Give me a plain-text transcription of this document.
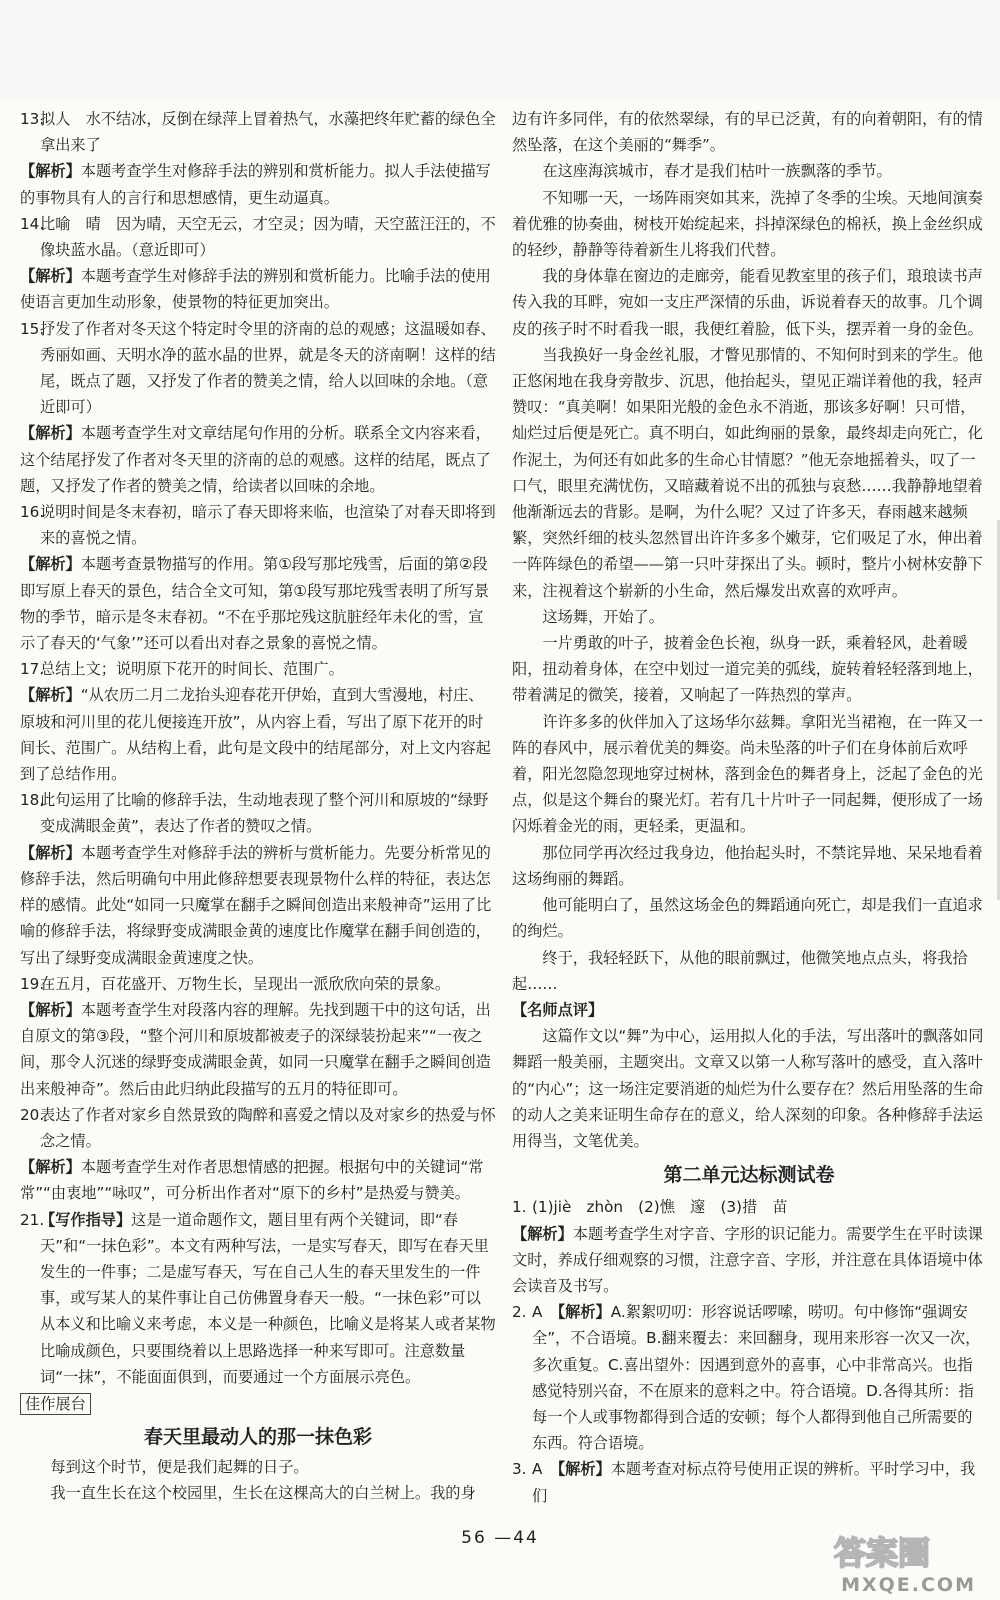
13.拟人　水不结冰，反倒在绿萍上冒着热气，水藻把终年贮蓄的绿色全拿出来了

【解析】本题考查学生对修辞手法的辨别和赏析能力。拟人手法使描写的事物具有人的言行和思想感情，更生动逼真。

14.比喻　晴　因为晴，天空无云，才空灵；因为晴，天空蓝汪汪的，不像块蓝水晶。（意近即可）

【解析】本题考查学生对修辞手法的辨别和赏析能力。比喻手法的使用使语言更加生动形象，使景物的特征更加突出。

15.抒发了作者对冬天这个特定时令里的济南的总的观感；这温暖如春、秀丽如画、天明水净的蓝水晶的世界，就是冬天的济南啊！这样的结尾，既点了题，又抒发了作者的赞美之情，给人以回味的余地。（意近即可）

【解析】本题考查学生对文章结尾句作用的分析。联系全文内容来看，这个结尾抒发了作者对冬天里的济南的总的观感。这样的结尾，既点了题，又抒发了作者的赞美之情，给读者以回味的余地。

16.说明时间是冬末春初，暗示了春天即将来临，也渲染了对春天即将到来的喜悦之情。

【解析】本题考查景物描写的作用。第①段写那坨残雪，后面的第②段即写原上春天的景色，结合全文可知，第①段写那坨残雪表明了所写景物的季节，暗示是冬末春初。“不在乎那坨残这肮脏经年未化的雪，宣示了春天的‘气象’”还可以看出对春之景象的喜悦之情。

17.总结上文；说明原下花开的时间长、范围广。

【解析】“从农历二月二龙抬头迎春花开伊始，直到大雪漫地，村庄、原坡和河川里的花儿便接连开放”，从内容上看，写出了原下花开的时间长、范围广。从结构上看，此句是文段中的结尾部分，对上文内容起到了总结作用。

18.此句运用了比喻的修辞手法，生动地表现了整个河川和原坡的“绿野变成满眼金黄”，表达了作者的赞叹之情。

【解析】本题考查学生对修辞手法的辨析与赏析能力。先要分析常见的修辞手法，然后明确句中用此修辞想要表现景物什么样的特征，表达怎样的感情。此处“如同一只魔掌在翻手之瞬间创造出来般神奇”运用了比喻的修辞手法，将绿野变成满眼金黄的速度比作魔掌在翻手间创造的，写出了绿野变成满眼金黄速度之快。

19.在五月，百花盛开、万物生长，呈现出一派欣欣向荣的景象。

【解析】本题考查学生对段落内容的理解。先找到题干中的这句话，出自原文的第③段，“整个河川和原坡都被麦子的深绿装扮起来”“一夜之间，那令人沉迷的绿野变成满眼金黄，如同一只魔掌在翻手之瞬间创造出来般神奇”。然后由此归纳此段描写的五月的特征即可。

20.表达了作者对家乡自然景致的陶醉和喜爱之情以及对家乡的热爱与怀念之情。

【解析】本题考查学生对作者思想情感的把握。根据句中的关键词“常常”“由衷地”“咏叹”，可分析出作者对“原下的乡村”是热爱与赞美。

21.【写作指导】这是一道命题作文，题目里有两个关键词，即“春天”和“一抹色彩”。本文有两种写法，一是实写春天，即写在春天里发生的一件事；二是虚写春天，写在自己人生的春天里发生的一件事，或写某人的某件事让自己仿佛置身春天一般。“一抹色彩”可以从本义和比喻义来考虑，本义是一种颜色，比喻义是将某人或者某物比喻成颜色，只要围绕着以上思路选择一种来写即可。注意数量词“一抹”，不能面面俱到，而要通过一个方面展示亮色。

佳作展台

春天里最动人的那一抹色彩

每到这个时节，便是我们起舞的日子。

我一直生长在这个校园里，生长在这棵高大的白兰树上。我的身

边有许多同伴，有的依然翠绿，有的早已泛黄，有的向着朝阳，有的情然坠落，在这个美丽的“舞季”。

在这座海滨城市，春才是我们枯叶一族飘落的季节。

不知哪一天，一场阵雨突如其来，洗掉了冬季的尘埃。天地间演奏着优雅的协奏曲，树枝开始绽起来，抖掉深绿色的棉袄，换上金丝织成的轻纱，静静等待着新生儿将我们代替。

我的身体靠在窗边的走廊旁，能看见教室里的孩子们，琅琅读书声传入我的耳畔，宛如一支庄严深情的乐曲，诉说着春天的故事。几个调皮的孩子时不时看我一眼，我便红着脸，低下头，摆弄着一身的金色。

当我换好一身金丝礼服，才瞥见那情的、不知何时到来的学生。他正悠闲地在我身旁散步、沉思，他抬起头，望见正端详着他的我，轻声赞叹：“真美啊！如果阳光般的金色永不消逝，那该多好啊！只可惜，灿烂过后便是死亡。真不明白，如此绚丽的景象，最终却走向死亡，化作泥土，为何还有如此多的生命心甘情愿？”他无奈地摇着头，叹了一口气，眼里充满忧伤，又暗藏着说不出的孤独与哀愁……我静静地望着他渐渐远去的背影。是啊，为什么呢？又过了许多天，春雨越来越频繁，突然纤细的枝头忽然冒出许许多多个嫩芽，它们吸足了水，伸出着一阵阵绿色的希望——第一只叶芽探出了头。顿时，整片小树林安静下来，注视着这个崭新的小生命，然后爆发出欢喜的欢呼声。

这场舞，开始了。

一片勇敢的叶子，披着金色长袍，纵身一跃，乘着轻风，赴着暖阳，扭动着身体，在空中划过一道完美的弧线，旋转着轻轻落到地上，带着满足的微笑，接着，又响起了一阵热烈的掌声。

许许多多的伙伴加入了这场华尔兹舞。拿阳光当裙袍，在一阵又一阵的春风中，展示着优美的舞姿。尚未坠落的叶子们在身体前后欢呼着，阳光忽隐忽现地穿过树林，落到金色的舞者身上，泛起了金色的光点，似是这个舞台的聚光灯。若有几十片叶子一同起舞，便形成了一场闪烁着金光的雨，更轻柔，更温和。

那位同学再次经过我身边，他抬起头时，不禁诧异地、呆呆地看着这场绚丽的舞蹈。

他可能明白了，虽然这场金色的舞蹈通向死亡，却是我们一直追求的绚烂。

终于，我轻轻跃下，从他的眼前飘过，他微笑地点点头，将我拾起……

【名师点评】

这篇作文以“舞”为中心，运用拟人化的手法，写出落叶的飘落如同舞蹈一般美丽，主题突出。文章又以第一人称写落叶的感受，直入落叶的“内心”；这一场注定要消逝的灿烂为什么要存在？然后用坠落的生命的动人之美来证明生命存在的意义，给人深刻的印象。各种修辞手法运用得当，文笔优美。

第二单元达标测试卷

1. (1)jiè　zhòn　(2)憔　邃　(3)措　苗

【解析】本题考查学生对字音、字形的识记能力。需要学生在平时读课文时，养成仔细观察的习惯，注意字音、字形，并注意在具体语境中体会读音及书写。

2. A　 【解析】A.絮絮叨叨：形容说话啰嗦，唠叨。句中修饰“强调安全”，不合语境。B.翻来覆去：来回翻身，现用来形容一次又一次，多次重复。C.喜出望外：因遇到意外的喜事，心中非常高兴。也指感觉特别兴奋，不在原来的意料之中。符合语境。D.各得其所：指每一个人或事物都得到合适的安顿；每个人都得到他自己所需要的东西。符合语境。

3. A　 【解析】本题考查对标点符号使用正误的辨析。平时学习中，我们

56 —44	答案圈
MXQE.COM
